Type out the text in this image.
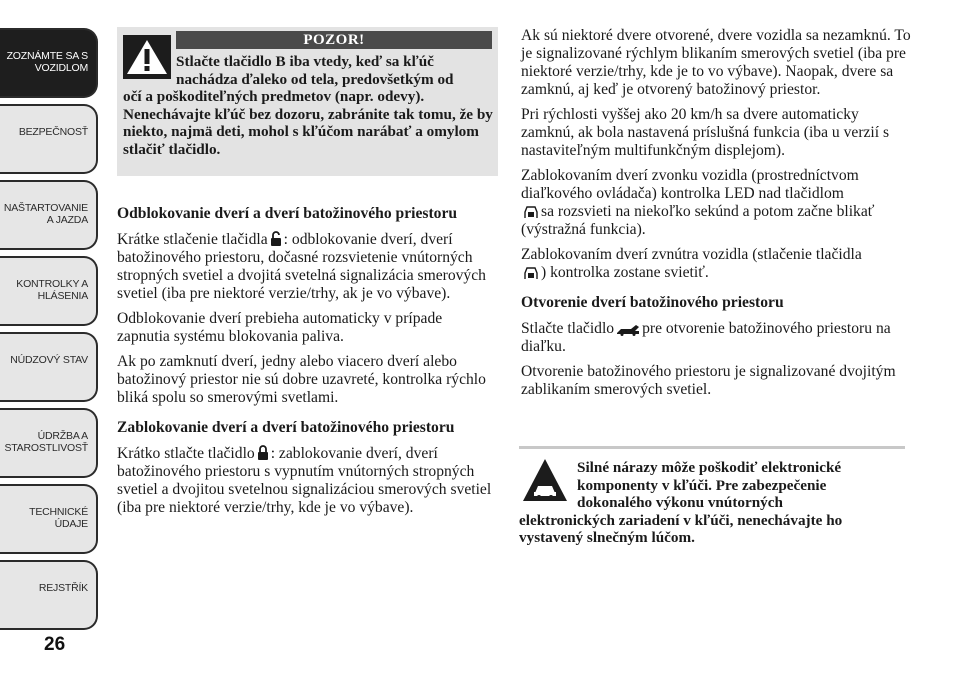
ZOZNÁMTE SA S
VOZIDLOM
BEZPEČNOSŤ
NAŠTARTOVANIE
A JAZDA
KONTROLKY A
HLÁSENIA
NÚDZOVÝ STAV
ÚDRŽBA A
STAROSTLIVOSŤ
TECHNICKÉ
ÚDAJE
REJSTŘÍK
26
POZOR!
Stlačte tlačidlo B iba vtedy, keď sa kľúč
nachádza ďaleko od tela, predovšetkým od
očí a poškoditeľných predmetov (napr. odevy). Nenechávajte kľúč bez dozoru, zabránite tak tomu, že by niekto, najmä deti, mohol s kľúčom narábať a omylom stlačiť tlačidlo.
Odblokovanie dverí a dverí batožinového priestoru

Krátke stlačenie tlačidla : odblokovanie dverí, dverí batožinového priestoru, dočasné rozsvietenie vnútorných stropných svetiel a dvojitá svetelná signalizácia smerových svetiel (iba pre niektoré verzie/trhy, ak je vo výbave).

Odblokovanie dverí prebieha automaticky v prípade zapnutia systému blokovania paliva.

Ak po zamknutí dverí, jedny alebo viacero dverí alebo batožinový priestor nie sú dobre uzavreté, kontrolka rýchlo bliká spolu so smerovými svetlami.

Zablokovanie dverí a dverí batožinového priestoru

Krátko stlačte tlačidlo : zablokovanie dverí, dverí batožinového priestoru s vypnutím vnútorných stropných svetiel a dvojitou svetelnou signalizáciou smerových svetiel (iba pre niektoré verzie/trhy, kde je vo výbave).

Ak sú niektoré dvere otvorené, dvere vozidla sa nezamknú. To je signalizované rýchlym blikaním smerových svetiel (iba pre niektoré verzie/trhy, kde je to vo výbave). Naopak, dvere sa zamknú, aj keď je otvorený batožinový priestor.

Pri rýchlosti vyššej ako 20 km/h sa dvere automaticky zamknú, ak bola nastavená príslušná funkcia (iba u verzií s nastaviteľným multifunkčným displejom).

Zablokovaním dverí zvonku vozidla (prostredníctvom diaľkového ovládača) kontrolka LED nad tlačidlom
sa rozsvieti na niekoľko sekúnd a potom začne blikať (výstražná funkcia).

Zablokovaním dverí zvnútra vozidla (stlačenie tlačidla
) kontrolka zostane svietiť.

Otvorenie dverí batožinového priestoru

Stlačte tlačidlo pre otvorenie batožinového priestoru na diaľku.

Otvorenie batožinového priestoru je signalizované dvojitým zablikaním smerových svetiel.

Silné nárazy môže poškodiť elektronické
komponenty v kľúči. Pre zabezpečenie
dokonalého výkonu vnútorných
elektronických zariadení v kľúči, nenechávajte ho vystavený slnečným lúčom.
